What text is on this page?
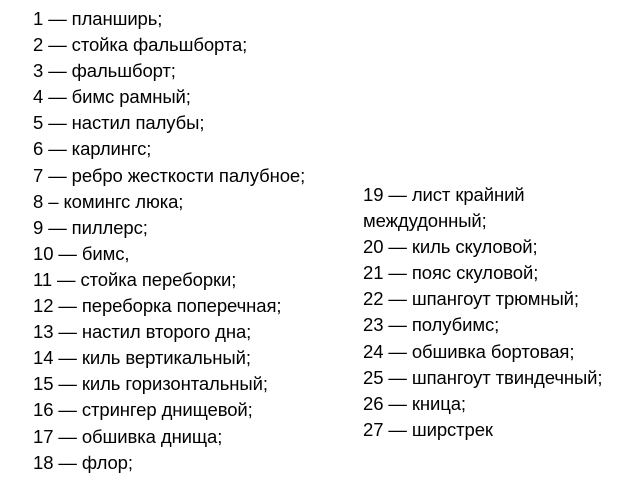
1 — планширь;
2 — стойка фальшборта;
3 — фальшборт;
4 — бимс рамный;
5 — настил палубы;
6 — карлингс;
7 — ребро жесткости палубное;
8 – комингс люка;
9 — пиллерс;
10 — бимс,
11 — стойка переборки;
12 — переборка поперечная;
13 — настил второго дна;
14 — киль вертикальный;
15 — киль горизонтальный;
16 — стрингер днищевой;
17 — обшивка днища;
18 — флор;
19 — лист крайний междудонный;
20 — киль скуловой;
21 — пояс скуловой;
22 — шпангоут трюмный;
23 — полубимс;
24 — обшивка бортовая;
25 — шпангоут твиндечный;
26 — кница;
27 — ширстрек
